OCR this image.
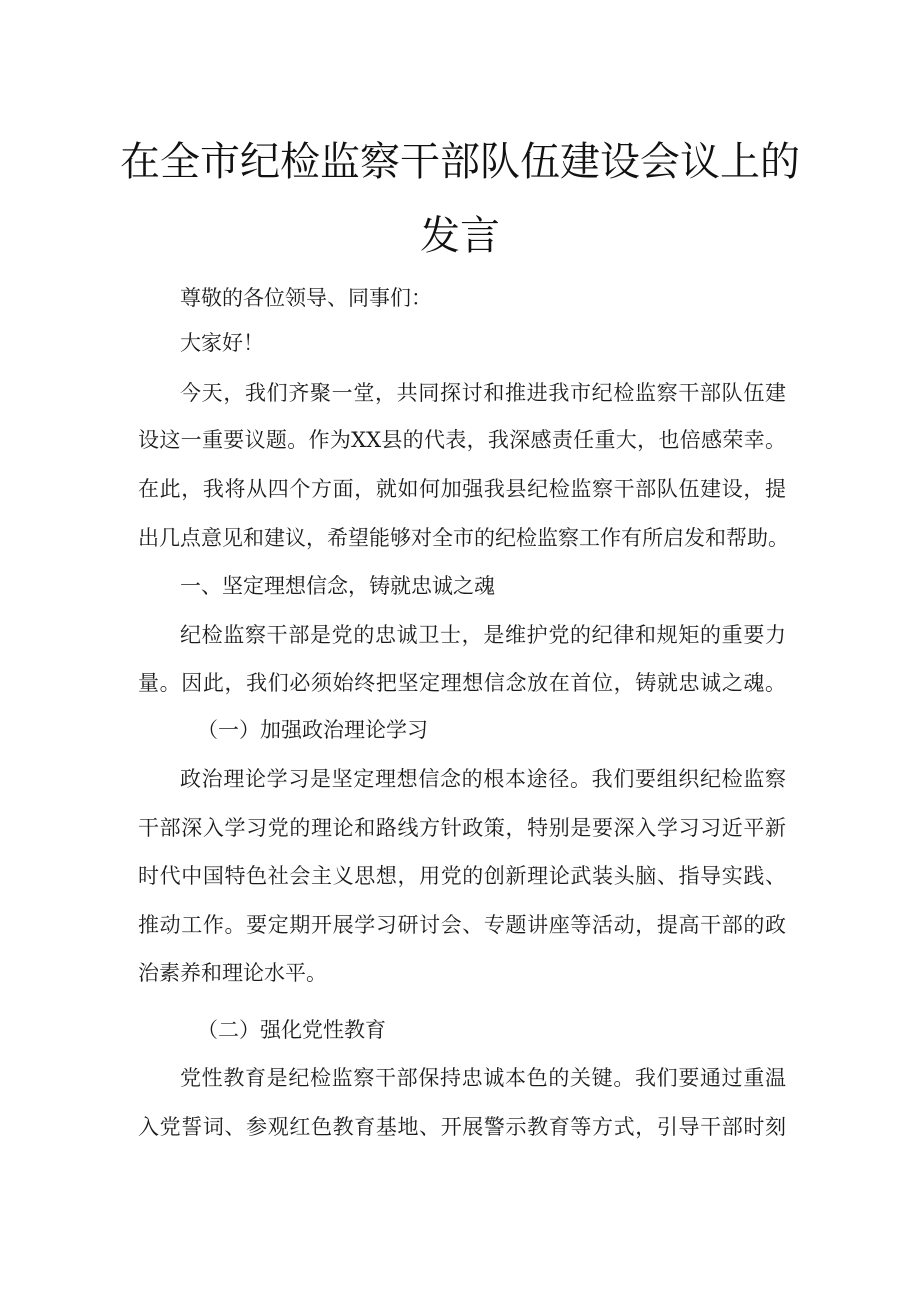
在全市纪检监察干部队伍建设会议上的
发言
尊敬的各位领导、同事们：
大家好！
今天，我们齐聚一堂，共同探讨和推进我市纪检监察干部队伍建
设这一重要议题。作为XX县的代表，我深感责任重大，也倍感荣幸。
在此，我将从四个方面，就如何加强我县纪检监察干部队伍建设，提
出几点意见和建议，希望能够对全市的纪检监察工作有所启发和帮助。
一、坚定理想信念，铸就忠诚之魂
纪检监察干部是党的忠诚卫士，是维护党的纪律和规矩的重要力
量。因此，我们必须始终把坚定理想信念放在首位，铸就忠诚之魂。
（一）加强政治理论学习
政治理论学习是坚定理想信念的根本途径。我们要组织纪检监察
干部深入学习党的理论和路线方针政策，特别是要深入学习习近平新
时代中国特色社会主义思想，用党的创新理论武装头脑、指导实践、
推动工作。要定期开展学习研讨会、专题讲座等活动，提高干部的政
治素养和理论水平。
（二）强化党性教育
党性教育是纪检监察干部保持忠诚本色的关键。我们要通过重温
入党誓词、参观红色教育基地、开展警示教育等方式，引导干部时刻
